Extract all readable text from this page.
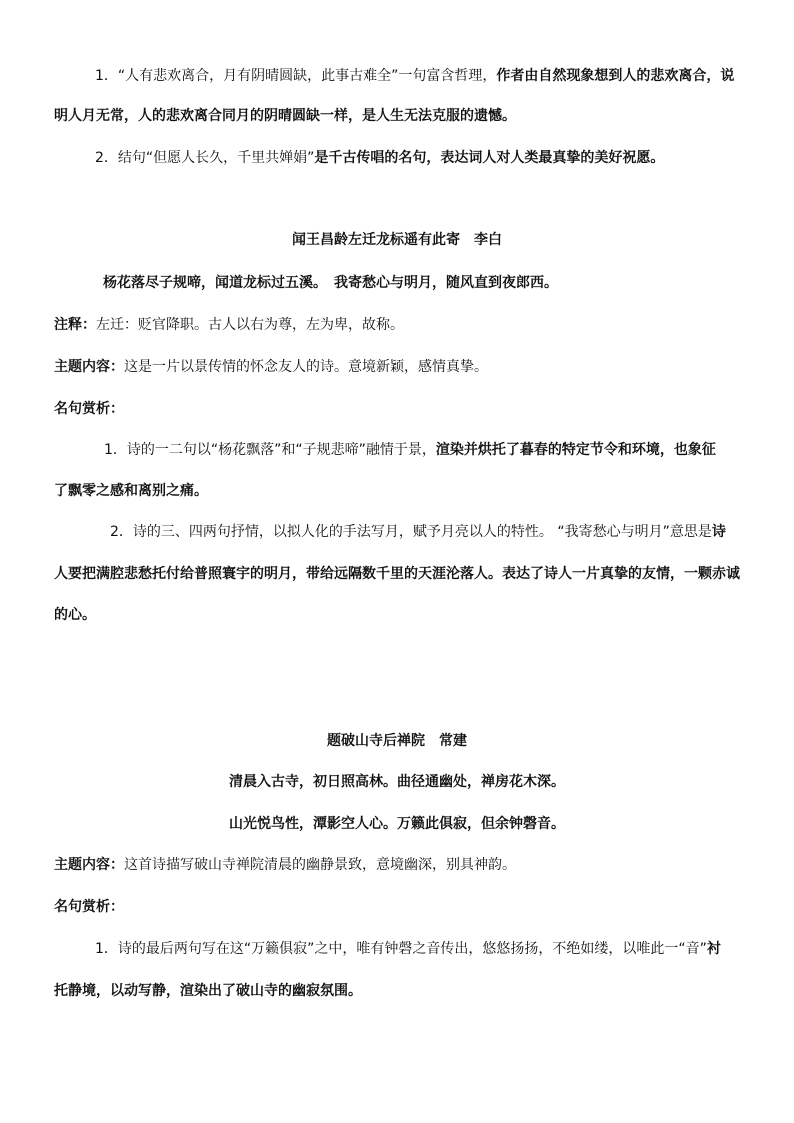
1．“人有悲欢离合，月有阴晴圆缺，此事古难全”一句富含哲理，作者由自然现象想到人的悲欢离合，说
明人月无常，人的悲欢离合同月的阴晴圆缺一样，是人生无法克服的遗憾。
2．结句“但愿人长久，千里共婵娟”是千古传唱的名句，表达词人对人类最真挚的美好祝愿。
闻王昌龄左迁龙标遥有此寄　李白
杨花落尽子规啼，闻道龙标过五溪。　我寄愁心与明月，随风直到夜郎西。
注释：左迁：贬官降职。古人以右为尊，左为卑，故称。
主题内容：这是一片以景传情的怀念友人的诗。意境新颖，感情真挚。
名句赏析：
1．诗的一二句以“杨花飘落”和“子规悲啼”融情于景，渲染并烘托了暮春的特定节令和环境，也象征
了飘零之感和离别之痛。
2．诗的三、四两句抒情，以拟人化的手法写月，赋予月亮以人的特性。 “我寄愁心与明月”意思是诗
人要把满腔悲愁托付给普照寰宇的明月，带给远隔数千里的天涯沦落人。表达了诗人一片真挚的友情，一颗赤诚
的心。
题破山寺后禅院　常建
清晨入古寺，初日照高林。曲径通幽处，禅房花木深。
山光悦鸟性，潭影空人心。万籁此俱寂，但余钟磬音。
主题内容：这首诗描写破山寺禅院清晨的幽静景致，意境幽深，别具神韵。
名句赏析：
1．诗的最后两句写在这“万籁俱寂”之中，唯有钟磬之音传出，悠悠扬扬，不绝如缕，以唯此一“音”衬
托静境，以动写静，渲染出了破山寺的幽寂氛围。
